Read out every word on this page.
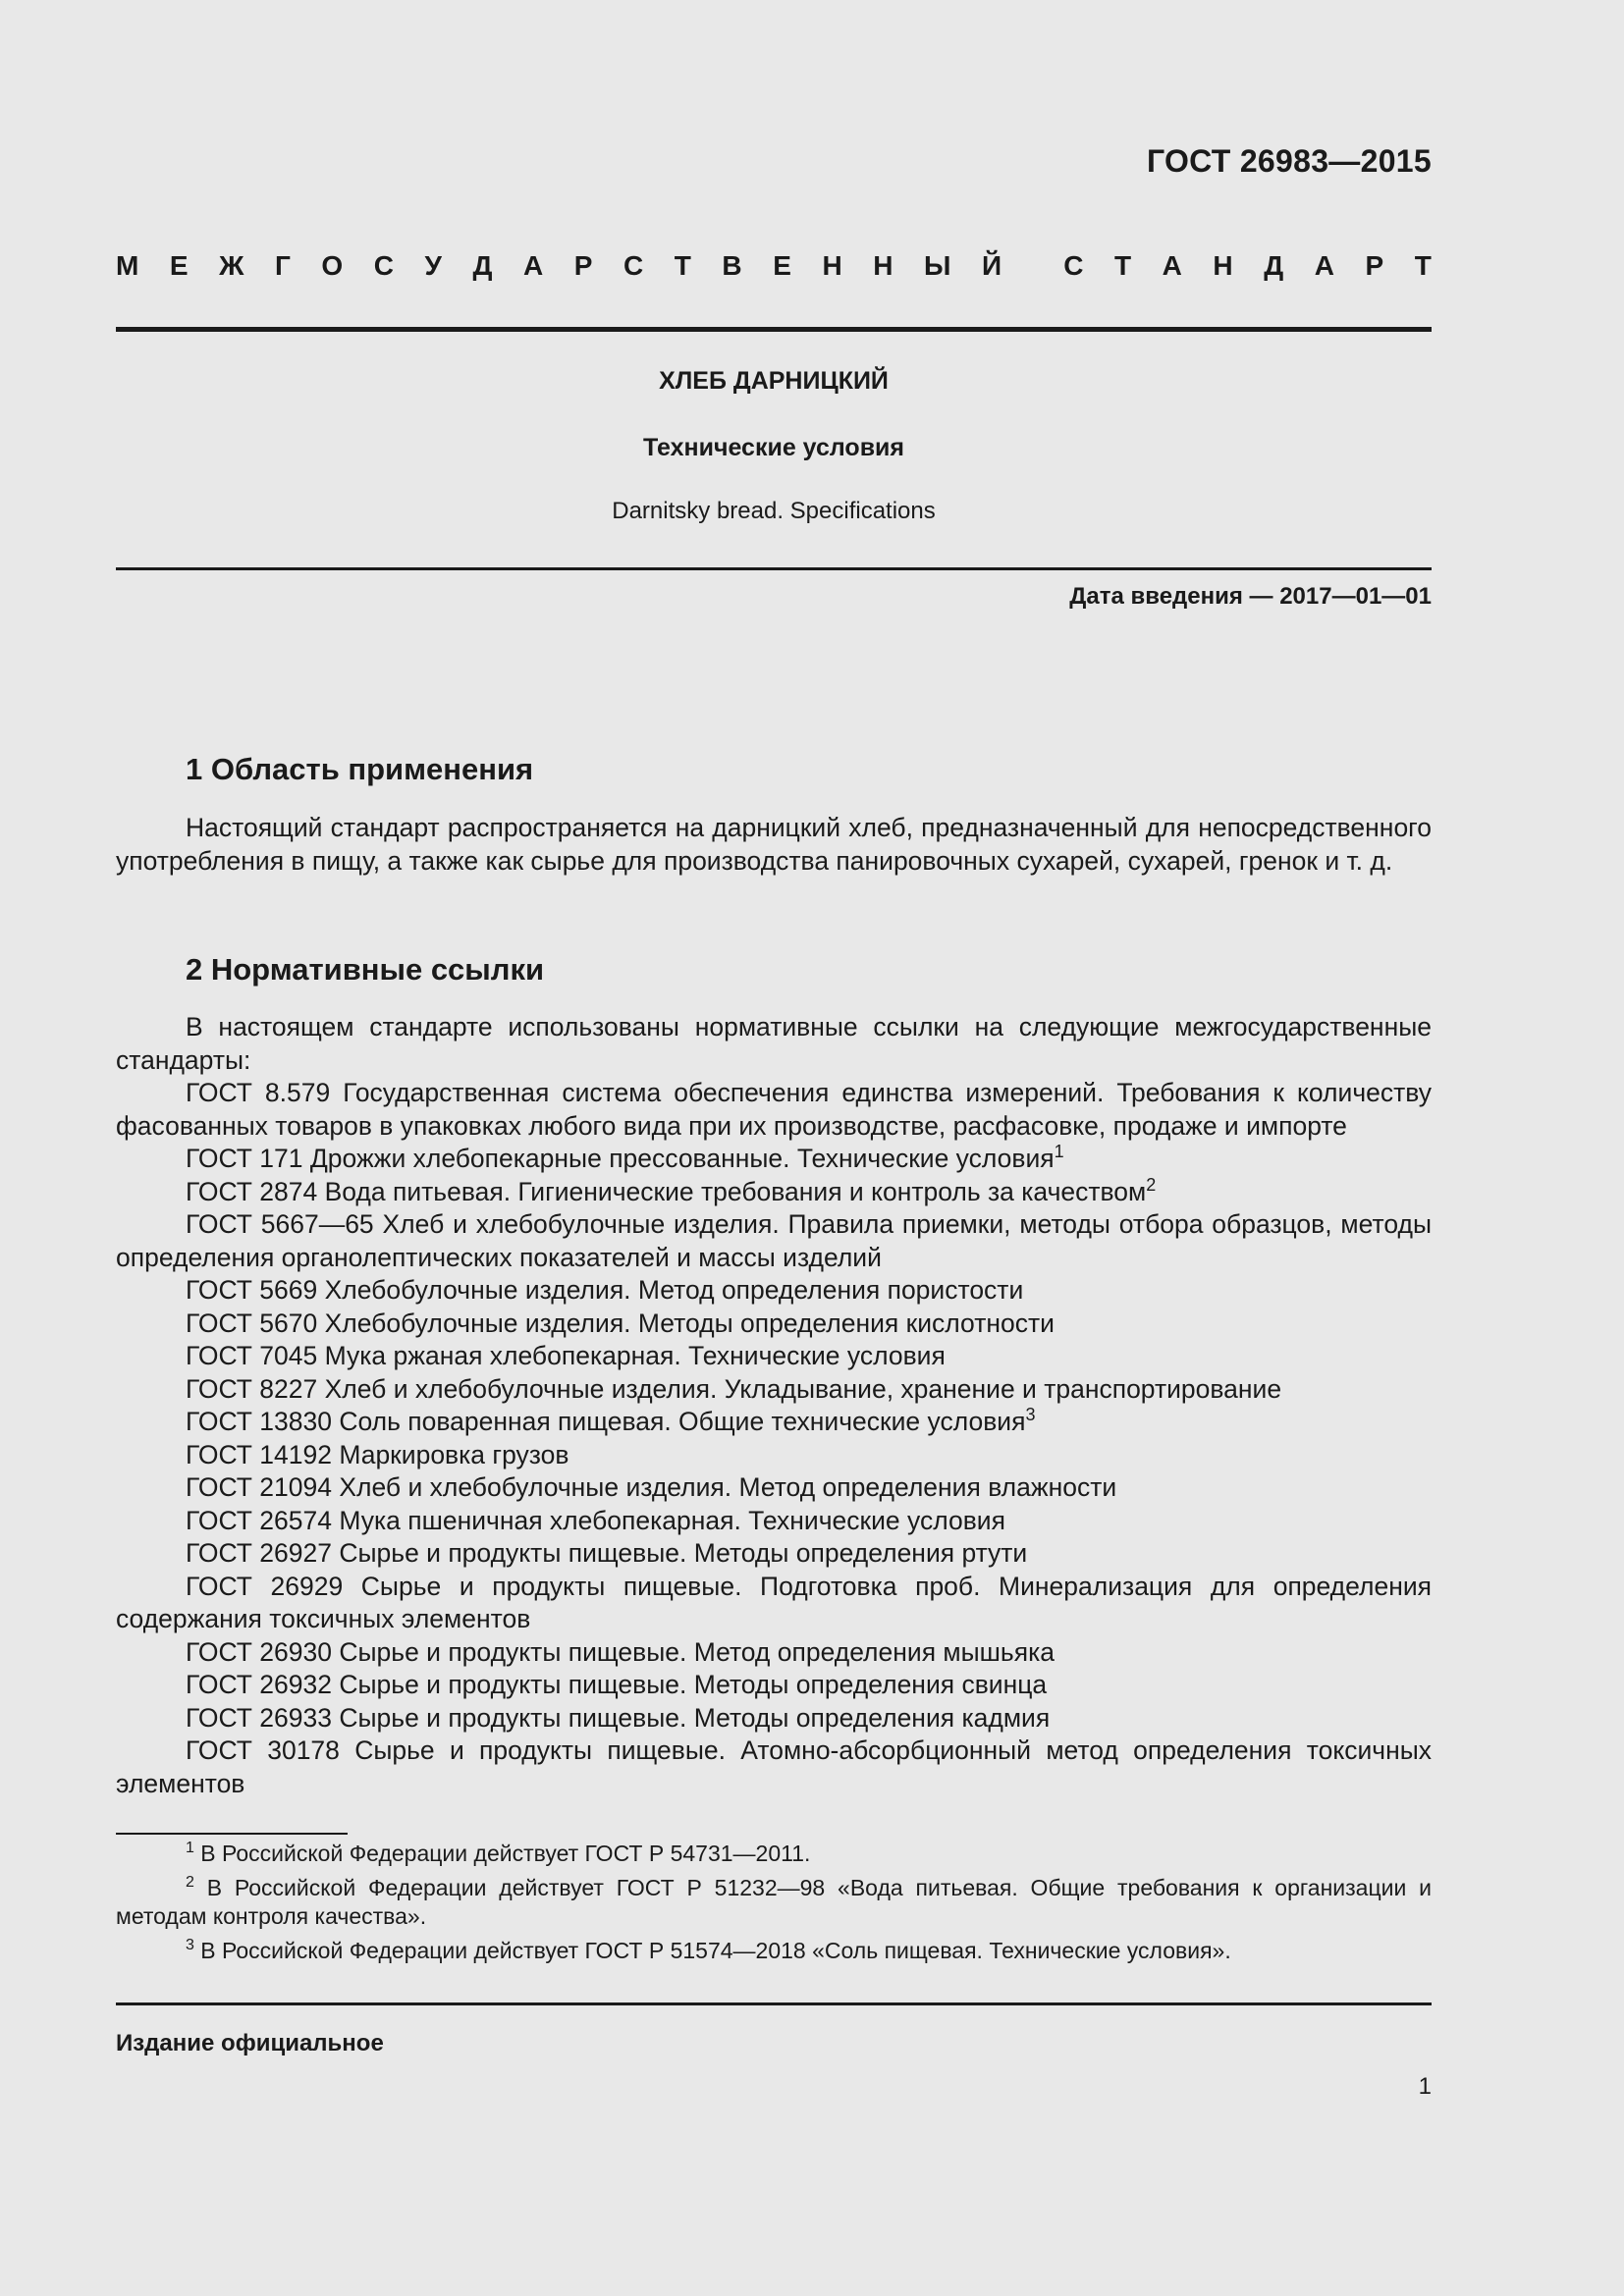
ГОСТ 26983—2015
М Е Ж Г О С У Д А Р С Т В Е Н Н Ы Й С Т А Н Д А Р Т
ХЛЕБ ДАРНИЦКИЙ
Технические условия
Darnitsky bread. Specifications
Дата введения — 2017—01—01
1 Область применения

Настоящий стандарт распространяется на дарницкий хлеб, предназначенный для непосредственного употребления в пищу, а также как сырье для производства панировочных сухарей, сухарей, гренок и т. д.

2 Нормативные ссылки

В настоящем стандарте использованы нормативные ссылки на следующие межгосударственные стандарты:

ГОСТ 8.579 Государственная система обеспечения единства измерений. Требования к количеству фасованных товаров в упаковках любого вида при их производстве, расфасовке, продаже и импорте

ГОСТ 171 Дрожжи хлебопекарные прессованные. Технические условия$^1$

ГОСТ 2874 Вода питьевая. Гигиенические требования и контроль за качеством$^2$

ГОСТ 5667—65 Хлеб и хлебобулочные изделия. Правила приемки, методы отбора образцов, методы определения органолептических показателей и массы изделий

ГОСТ 5669 Хлебобулочные изделия. Метод определения пористости

ГОСТ 5670 Хлебобулочные изделия. Методы определения кислотности

ГОСТ 7045 Мука ржаная хлебопекарная. Технические условия

ГОСТ 8227 Хлеб и хлебобулочные изделия. Укладывание, хранение и транспортирование

ГОСТ 13830 Соль поваренная пищевая. Общие технические условия$^3$

ГОСТ 14192 Маркировка грузов

ГОСТ 21094 Хлеб и хлебобулочные изделия. Метод определения влажности

ГОСТ 26574 Мука пшеничная хлебопекарная. Технические условия

ГОСТ 26927 Сырье и продукты пищевые. Методы определения ртути

ГОСТ 26929 Сырье и продукты пищевые. Подготовка проб. Минерализация для определения содержания токсичных элементов

ГОСТ 26930 Сырье и продукты пищевые. Метод определения мышьяка

ГОСТ 26932 Сырье и продукты пищевые. Методы определения свинца

ГОСТ 26933 Сырье и продукты пищевые. Методы определения кадмия

ГОСТ 30178 Сырье и продукты пищевые. Атомно-абсорбционный метод определения токсичных элементов

$^1$ В Российской Федерации действует ГОСТ Р 54731—2011.

$^2$ В Российской Федерации действует ГОСТ Р 51232—98 «Вода питьевая. Общие требования к организации и методам контроля качества».

$^3$ В Российской Федерации действует ГОСТ Р 51574—2018 «Соль пищевая. Технические условия».

Издание официальное
1
